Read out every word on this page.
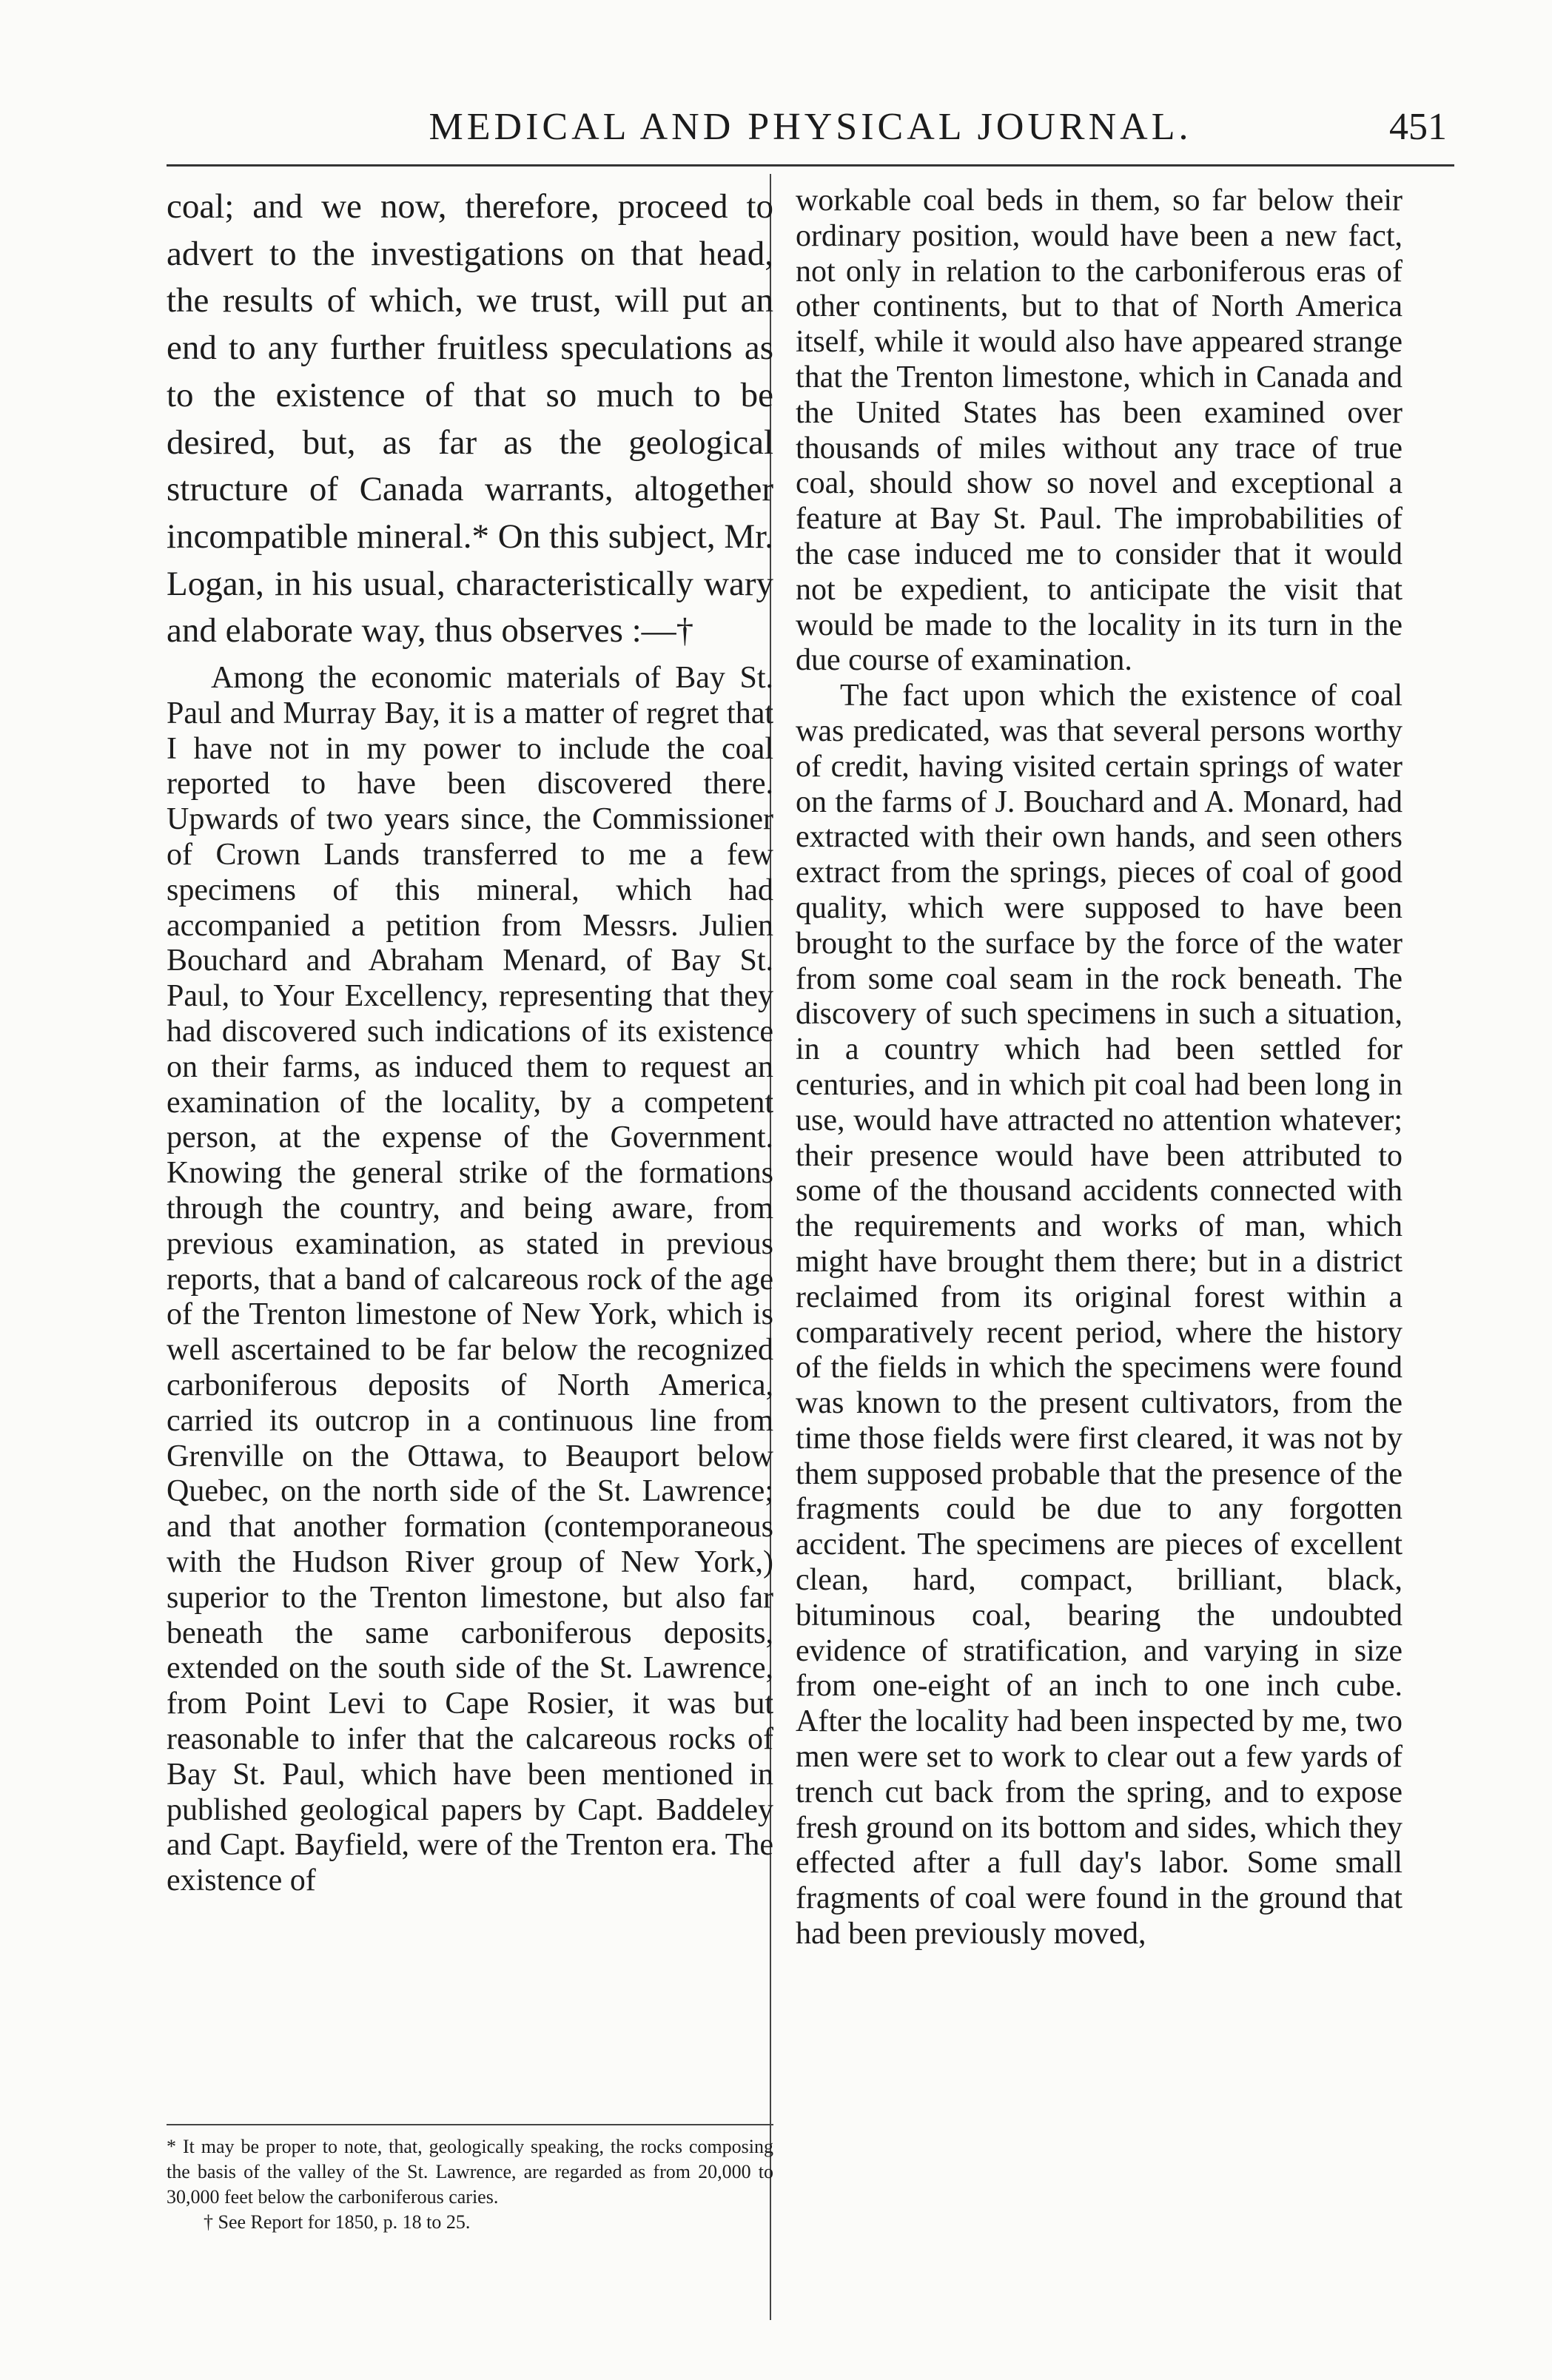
MEDICAL AND PHYSICAL JOURNAL.	451

coal; and we now, therefore, proceed to advert to the investigations on that head, the results of which, we trust, will put an end to any further fruitless speculations as to the existence of that so much to be desired, but, as far as the geological structure of Canada warrants, altogether incompatible mineral.* On this subject, Mr. Logan, in his usual, characteristically wary and elaborate way, thus observes :—†

Among the economic materials of Bay St. Paul and Murray Bay, it is a matter of regret that I have not in my power to include the coal reported to have been discovered there. Upwards of two years since, the Commissioner of Crown Lands transferred to me a few specimens of this mineral, which had accompanied a petition from Messrs. Julien Bouchard and Abraham Menard, of Bay St. Paul, to Your Excellency, representing that they had discovered such indications of its existence on their farms, as induced them to request an examination of the locality, by a competent person, at the expense of the Government. Knowing the general strike of the formations through the country, and being aware, from previous examination, as stated in previous reports, that a band of calcareous rock of the age of the Trenton limestone of New York, which is well ascertained to be far below the recognized carboniferous deposits of North America, carried its outcrop in a continuous line from Grenville on the Ottawa, to Beauport below Quebec, on the north side of the St. Lawrence; and that another formation (contemporaneous with the Hudson River group of New York,) superior to the Trenton limestone, but also far beneath the same carboniferous deposits, extended on the south side of the St. Lawrence, from Point Levi to Cape Rosier, it was but reasonable to infer that the calcareous rocks of Bay St. Paul, which have been mentioned in published geological papers by Capt. Baddeley and Capt. Bayfield, were of the Trenton era. The existence of

workable coal beds in them, so far below their ordinary position, would have been a new fact, not only in relation to the carboniferous eras of other continents, but to that of North America itself, while it would also have appeared strange that the Trenton limestone, which in Canada and the United States has been examined over thousands of miles without any trace of true coal, should show so novel and exceptional a feature at Bay St. Paul. The improbabilities of the case induced me to consider that it would not be expedient, to anticipate the visit that would be made to the locality in its turn in the due course of examination.

The fact upon which the existence of coal was predicated, was that several persons worthy of credit, having visited certain springs of water on the farms of J. Bouchard and A. Monard, had extracted with their own hands, and seen others extract from the springs, pieces of coal of good quality, which were supposed to have been brought to the surface by the force of the water from some coal seam in the rock beneath. The discovery of such specimens in such a situation, in a country which had been settled for centuries, and in which pit coal had been long in use, would have attracted no attention whatever; their presence would have been attributed to some of the thousand accidents connected with the requirements and works of man, which might have brought them there; but in a district reclaimed from its original forest within a comparatively recent period, where the history of the fields in which the specimens were found was known to the present cultivators, from the time those fields were first cleared, it was not by them supposed probable that the presence of the fragments could be due to any forgotten accident. The specimens are pieces of excellent clean, hard, compact, brilliant, black, bituminous coal, bearing the undoubted evidence of stratification, and varying in size from one-eight of an inch to one inch cube. After the locality had been inspected by me, two men were set to work to clear out a few yards of trench cut back from the spring, and to expose fresh ground on its bottom and sides, which they effected after a full day's labor. Some small fragments of coal were found in the ground that had been previously moved,

* It may be proper to note, that, geologically speaking, the rocks composing the basis of the valley of the St. Lawrence, are regarded as from 20,000 to 30,000 feet below the carboniferous caries.

† See Report for 1850, p. 18 to 25.
